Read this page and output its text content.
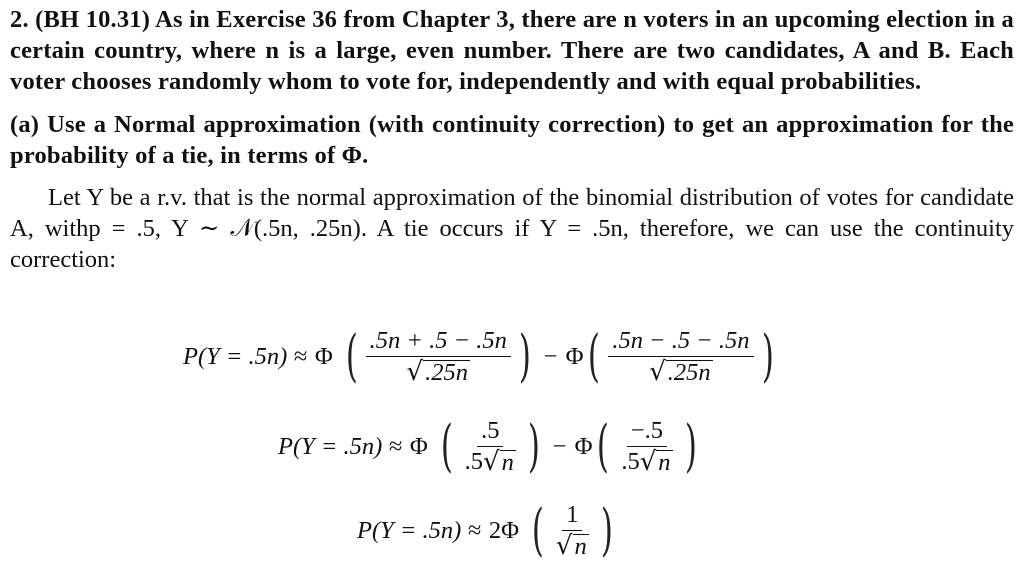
2. (BH 10.31) As in Exercise 36 from Chapter 3, there are n voters in an upcoming election in a certain country, where n is a large, even number. There are two candidates, A and B. Each voter chooses randomly whom to vote for, independently and with equal probabilities.

(a) Use a Normal approximation (with continuity correction) to get an approximation for the probability of a tie, in terms of Φ.

Let Y be a r.v. that is the normal approximation of the binomial distribution of votes for candidate A, withp = .5, Y ∼ 𝒩(.5n, .25n). A tie occurs if Y = .5n, therefore, we can use the continuity correction:

P(Y = .5n) ≈ Φ ( $\frac{.5n + .5 - .5n}{√ .25n}$ ) − Φ ( $\frac{.5n - .5 - .5n}{√ .25n}$ )
P(Y = .5n) ≈ Φ ( $\frac{.5}{.5 √ n}$ ) − Φ ( $\frac{-.5}{.5 √ n}$ )
P(Y = .5n) ≈ 2Φ ( $\frac{1}{√ n}$ )
